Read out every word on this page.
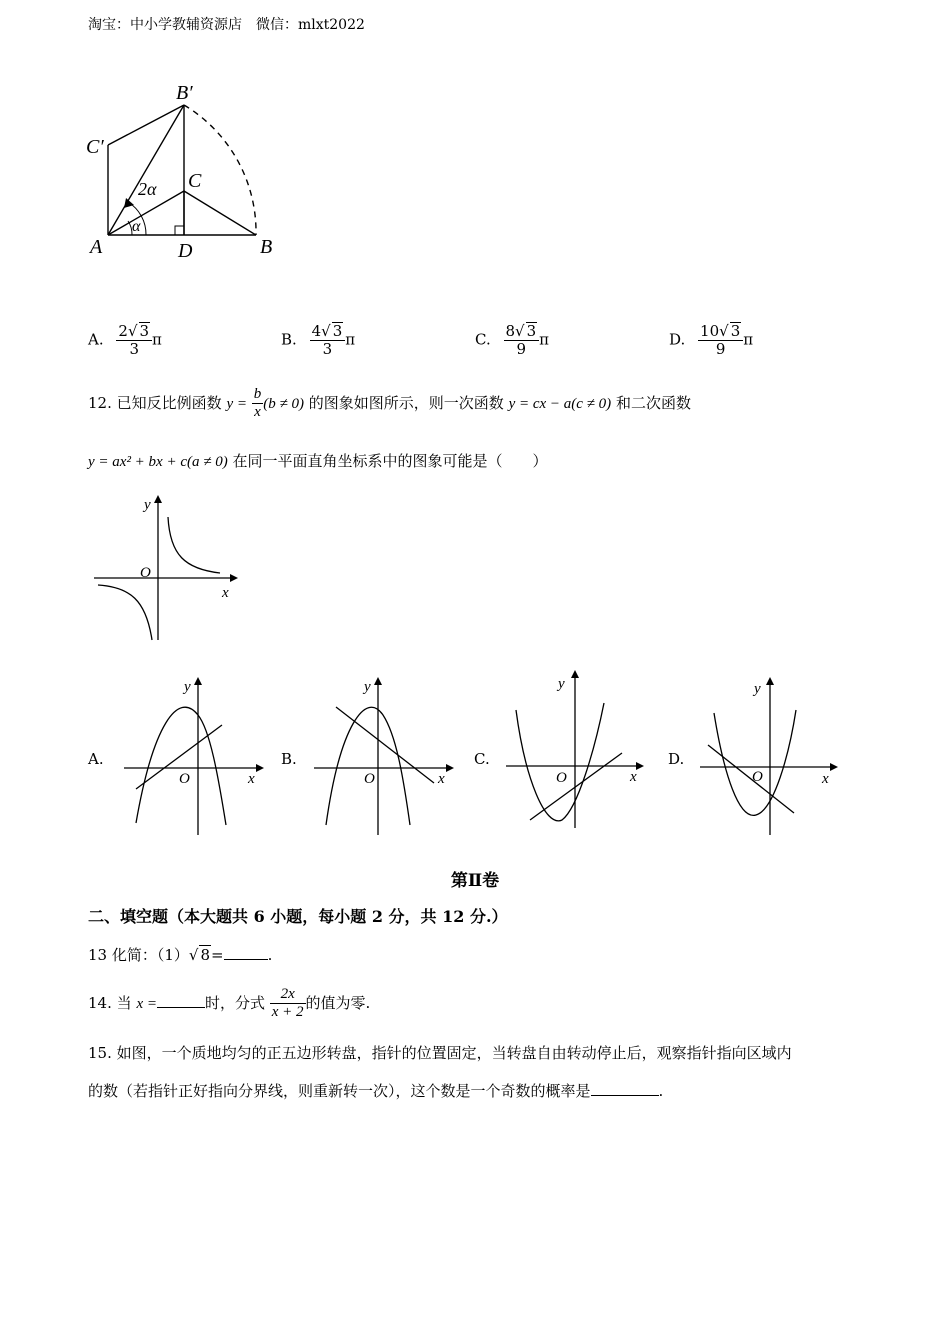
淘宝：中小学教辅资源店　微信：mlxt2022
B′
C′
C
A	D	B
2α
α
A. $\frac{2√ 3}{3}$ π	B. $\frac{4√ 3}{3}$ π	C. $\frac{8√ 3}{9}$ π	D. $\frac{10√ 3}{9}$ π
12. 已知反比例函数 $y = \frac{b}{x} (b \ne 0)$ 的图象如图所示，则一次函数 y = cx − a(c ≠ 0) 和二次函数
y = ax² + bx + c(a ≠ 0) 在同一平面直角坐标系中的图象可能是（　　）
y
x
O
A.	B.	C.	D.
y
x
O
y
x
O
y
x
O
y
x
O
第Ⅱ卷
二、填空题（本大题共 6 小题，每小题 2 分，共 12 分.）
13 化简：（1）√ 8=	.
14. 当 x =	时，分式 $\frac{2x}{x + 2}$ 的值为零.
15. 如图，一个质地均匀的正五边形转盘，指针的位置固定，当转盘自由转动停止后，观察指针指向区域内
的数（若指针正好指向分界线，则重新转一次），这个数是一个奇数的概率是	.
